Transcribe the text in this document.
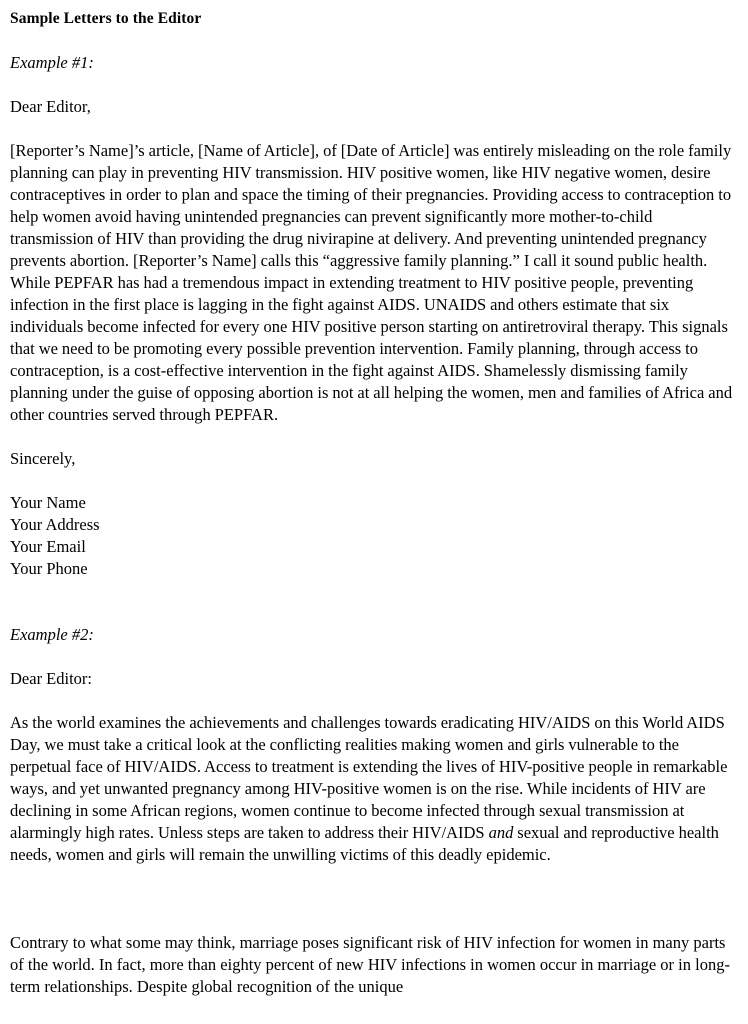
Sample Letters to the Editor

Example #1:

Dear Editor,

[Reporter’s Name]’s article, [Name of Article], of [Date of Article] was entirely misleading on the role family planning can play in preventing HIV transmission. HIV positive women, like HIV negative women, desire contraceptives in order to plan and space the timing of their pregnancies. Providing access to contraception to help women avoid having unintended pregnancies can prevent significantly more mother-to-child transmission of HIV than providing the drug nivirapine at delivery. And preventing unintended pregnancy prevents abortion. [Reporter’s Name] calls this “aggressive family planning.” I call it sound public health. While PEPFAR has had a tremendous impact in extending treatment to HIV positive people, preventing infection in the first place is lagging in the fight against AIDS. UNAIDS and others estimate that six individuals become infected for every one HIV positive person starting on antiretroviral therapy. This signals that we need to be promoting every possible prevention intervention. Family planning, through access to contraception, is a cost-effective intervention in the fight against AIDS. Shamelessly dismissing family planning under the guise of opposing abortion is not at all helping the women, men and families of Africa and other countries served through PEPFAR.

Sincerely,

Your Name
Your Address
Your Email
Your Phone

Example #2:

Dear Editor:

As the world examines the achievements and challenges towards eradicating HIV/AIDS on this World AIDS Day, we must take a critical look at the conflicting realities making women and girls vulnerable to the perpetual face of HIV/AIDS. Access to treatment is extending the lives of HIV-positive people in remarkable ways, and yet unwanted pregnancy among HIV-positive women is on the rise. While incidents of HIV are declining in some African regions, women continue to become infected through sexual transmission at alarmingly high rates. Unless steps are taken to address their HIV/AIDS and sexual and reproductive health needs, women and girls will remain the unwilling victims of this deadly epidemic.

Contrary to what some may think, marriage poses significant risk of HIV infection for women in many parts of the world. In fact, more than eighty percent of new HIV infections in women occur in marriage or in long-term relationships. Despite global recognition of the unique
